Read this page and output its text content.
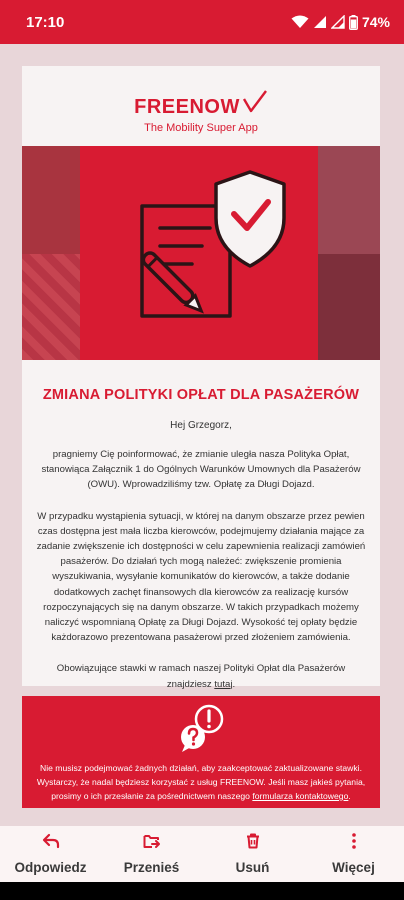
17:10	74%
FREENOW
The Mobility Super App
ZMIANA POLITYKI OPŁAT DLA PASAŻERÓW
Hej Grzegorz,

pragniemy Cię poinformować, że zmianie uległa nasza Polityka Opłat, stanowiąca Załącznik 1 do Ogólnych Warunków Umownych dla Pasażerów (OWU). Wprowadziliśmy tzw. Opłatę za Długi Dojazd.

W przypadku wystąpienia sytuacji, w której na danym obszarze przez pewien czas dostępna jest mała liczba kierowców, podejmujemy działania mające za zadanie zwiększenie ich dostępności w celu zapewnienia realizacji zamówień pasażerów. Do działań tych mogą należeć: zwiększenie promienia wyszukiwania, wysyłanie komunikatów do kierowców, a także dodanie dodatkowych zachęt finansowych dla kierowców za realizację kursów rozpoczynających się na danym obszarze. W takich przypadkach możemy naliczyć wspomnianą Opłatę za Długi Dojazd. Wysokość tej opłaty będzie każdorazowo prezentowana pasażerowi przed złożeniem zamówienia.

Obowiązujące stawki w ramach naszej Polityki Opłat dla Pasażerów znajdziesz tutaj.

Nie musisz podejmować żadnych działań, aby zaakceptować zaktualizowane stawki. Wystarczy, że nadal będziesz korzystać z usług FREENOW. Jeśli masz jakieś pytania, prosimy o ich przesłanie za pośrednictwem naszego formularza kontaktowego.

Odpowiedz	Przenieś	Usuń	Więcej
